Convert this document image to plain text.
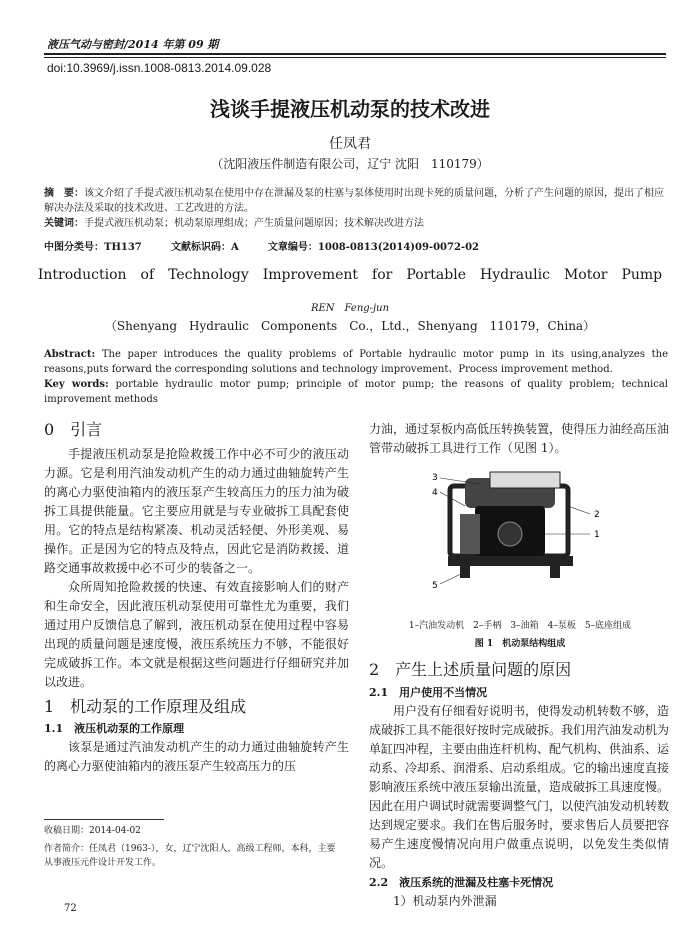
液压气动与密封/2014 年第 09 期
doi:10.3969/j.issn.1008-0813.2014.09.028
浅谈手提液压机动泵的技术改进
任凤君
（沈阳液压件制造有限公司，辽宁 沈阳　110179）
摘　要：该文介绍了手提式液压机动泵在使用中存在泄漏及泵的柱塞与泵体使用时出现卡死的质量问题，分析了产生问题的原因，提出了相应解决办法及采取的技术改进、工艺改进的方法。
关键词：手提式液压机动泵；机动泵原理组成；产生质量问题原因；技术解决改进方法
中图分类号：TH137	文献标识码：A	文章编号：1008-0813(2014)09-0072-02
Introduction　of　Technology　Improvement　for　Portable　Hydraulic　Motor　Pump
REN　Feng-jun
（Shenyang　Hydraulic　Components　Co.，Ltd.，Shenyang　110179，China）
Abstract: The paper introduces the quality problems of Portable hydraulic motor pump in its using,analyzes the reasons,puts forward the corresponding solutions and technology improvement、Process improvement method.
Key words: portable hydraulic motor pump; principle of motor pump; the reasons of quality problem; technical improvement methods
0　引言

手提液压机动泵是抢险救援工作中必不可少的液压动力源。它是利用汽油发动机产生的动力通过曲轴旋转产生的离心力驱使油箱内的液压泵产生较高压力的压力油为破拆工具提供能量。它主要应用就是与专业破拆工具配套使用。它的特点是结构紧凑、机动灵活轻便、外形美观、易操作。正是因为它的特点及特点，因此它是消防救援、道路交通事故救援中必不可少的装备之一。

众所周知抢险救援的快速、有效直接影响人们的财产和生命安全，因此液压机动泵使用可靠性尤为重要，我们通过用户反馈信息了解到，液压机动泵在使用过程中容易出现的质量问题是速度慢，液压系统压力不够，不能很好完成破拆工作。本文就是根据这些问题进行仔细研究并加以改进。

1　机动泵的工作原理及组成
1.1　液压机动泵的工作原理

该泵是通过汽油发动机产生的动力通过曲轴旋转产生的离心力驱使油箱内的液压泵产生较高压力的压

力油，通过泵板内高低压转换装置，使得压力油经高压油管带动破拆工具进行工作（见图 1）。

3
4
2
1
5
1–汽油发动机　2–手柄　3–油箱　4–泵板　5–底座组成
图 1　机动泵结构组成
2　产生上述质量问题的原因
2.1　用户使用不当情况

用户没有仔细看好说明书，使得发动机转数不够，造成破拆工具不能很好按时完成破拆。我们用汽油发动机为单缸四冲程，主要由曲连杆机构、配气机构、供油系、运动系、冷却系、润滑系、启动系组成。它的输出速度直接影响液压系统中液压泵输出流量，造成破拆工具速度慢。因此在用户调试时就需要调整气门，以使汽油发动机转数达到规定要求。我们在售后服务时，要求售后人员要把容易产生速度慢情况向用户做重点说明，以免发生类似情况。

2.2　液压系统的泄漏及柱塞卡死情况

1）机动泵内外泄漏

收稿日期：2014-04-02
作者简介：任凤君（1963-），女，辽宁沈阳人，高级工程师，本科，主要从事液压元件设计开发工作。
72
